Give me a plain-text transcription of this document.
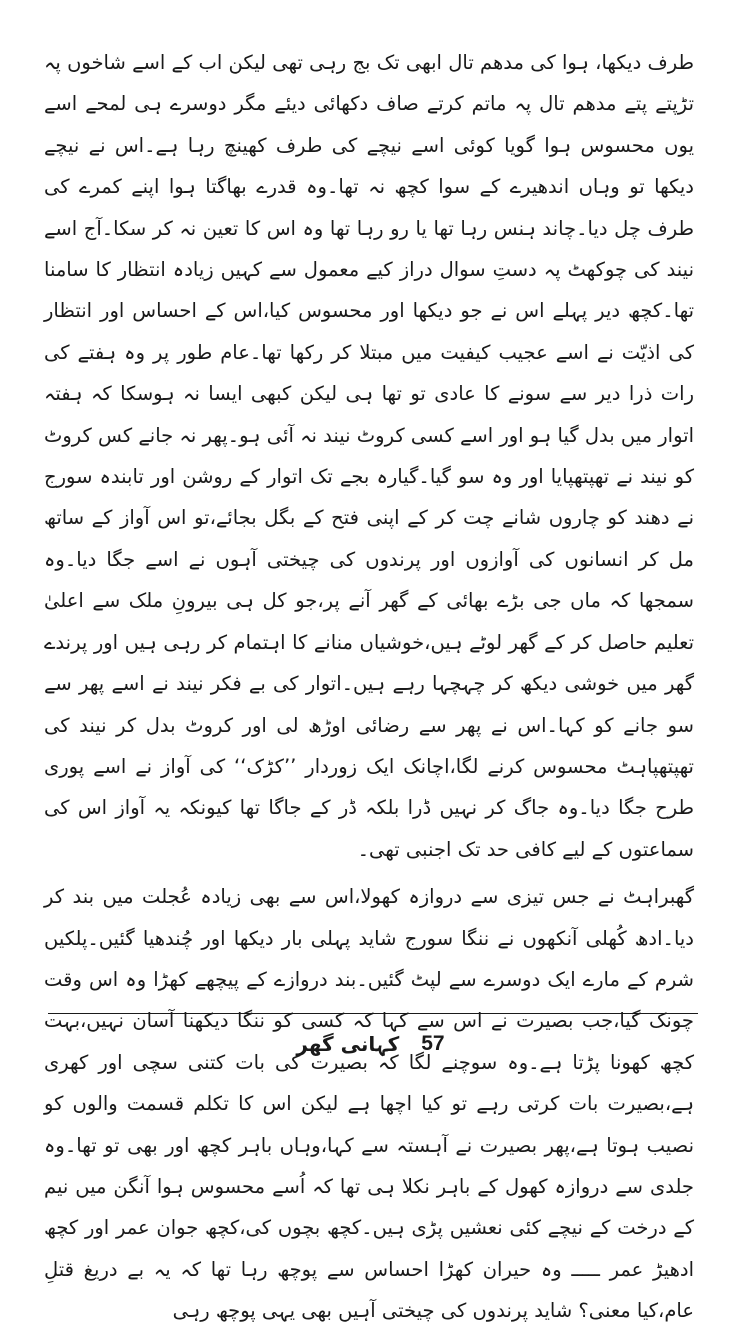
طرف دیکھا، ہوا کی مدھم تال ابھی تک بج رہی تھی لیکن اب کے اسے شاخوں پہ تڑپتے پتے مدھم تال پہ ماتم کرتے صاف دکھائی دیئے مگر دوسرے ہی لمحے اسے یوں محسوس ہوا گویا کوئی اسے نیچے کی طرف کھینچ رہا ہے۔اس نے نیچے دیکھا تو وہاں اندھیرے کے سوا کچھ نہ تھا۔وہ قدرے بھاگتا ہوا اپنے کمرے کی طرف چل دیا۔چاند ہنس رہا تھا یا رو رہا تھا وہ اس کا تعین نہ کر سکا۔آج اسے نیند کی چوکھٹ پہ دستِ سوال دراز کیے معمول سے کہیں زیادہ انتظار کا سامنا تھا۔کچھ دیر پہلے اس نے جو دیکھا اور محسوس کیا،اس کے احساس اور انتظار کی اذیّت نے اسے عجیب کیفیت میں مبتلا کر رکھا تھا۔عام طور پر وہ ہفتے کی رات ذرا دیر سے سونے کا عادی تو تھا ہی لیکن کبھی ایسا نہ ہوسکا کہ ہفتہ اتوار میں بدل گیا ہو اور اسے کسی کروٹ نیند نہ آئی ہو۔پھر نہ جانے کس کروٹ کو نیند نے تھپتھپایا اور وہ سو گیا۔گیارہ بجے تک اتوار کے روشن اور تابندہ سورج نے دھند کو چاروں شانے چت کر کے اپنی فتح کے بگل بجائے،تو اس آواز کے ساتھ مل کر انسانوں کی آوازوں اور پرندوں کی چیختی آہوں نے اسے جگا دیا۔وہ سمجھا کہ ماں جی بڑے بھائی کے گھر آنے پر،جو کل ہی بیرونِ ملک سے اعلیٰ تعلیم حاصل کر کے گھر لوٹے ہیں،خوشیاں منانے کا اہتمام کر رہی ہیں اور پرندے گھر میں خوشی دیکھ کر چہچہا رہے ہیں۔اتوار کی بے فکر نیند نے اسے پھر سے سو جانے کو کہا۔اس نے پھر سے رضائی اوڑھ لی اور کروٹ بدل کر نیند کی تھپتھپاہٹ محسوس کرنے لگا،اچانک ایک زوردار ’’کڑک‘‘ کی آواز نے اسے پوری طرح جگا دیا۔وہ جاگ کر نہیں ڈرا بلکہ ڈر کے جاگا تھا کیونکہ یہ آواز اس کی سماعتوں کے لیے کافی حد تک اجنبی تھی۔

گھبراہٹ نے جس تیزی سے دروازہ کھولا،اس سے بھی زیادہ عُجلت میں بند کر دیا۔ادھ کُھلی آنکھوں نے ننگا سورج شاید پہلی بار دیکھا اور چُندھیا گئیں۔پلکیں شرم کے مارے ایک دوسرے سے لپٹ گئیں۔بند دروازے کے پیچھے کھڑا وہ اس وقت چونک گیا،جب بصیرت نے اس سے کہا کہ کسی کو ننگا دیکھنا آسان نہیں،بہت کچھ کھونا پڑتا ہے۔وہ سوچنے لگا کہ بصیرت کی بات کتنی سچی اور کھری ہے،بصیرت بات کرتی رہے تو کیا اچھا ہے لیکن اس کا تکلم قسمت والوں کو نصیب ہوتا ہے،پھر بصیرت نے آہستہ سے کہا،وہاں باہر کچھ اور بھی تو تھا۔وہ جلدی سے دروازہ کھول کے باہر نکلا ہی تھا کہ اُسے محسوس ہوا آنگن میں نیم کے درخت کے نیچے کئی نعشیں پڑی ہیں۔کچھ بچوں کی،کچھ جوان عمر اور کچھ ادھیڑ عمر ـــــ وہ حیران کھڑا احساس سے پوچھ رہا تھا کہ یہ بے دریغ قتلِ عام،کیا معنی؟ شاید پرندوں کی چیختی آہیں بھی یہی پوچھ رہی

کہانی گھر 57
